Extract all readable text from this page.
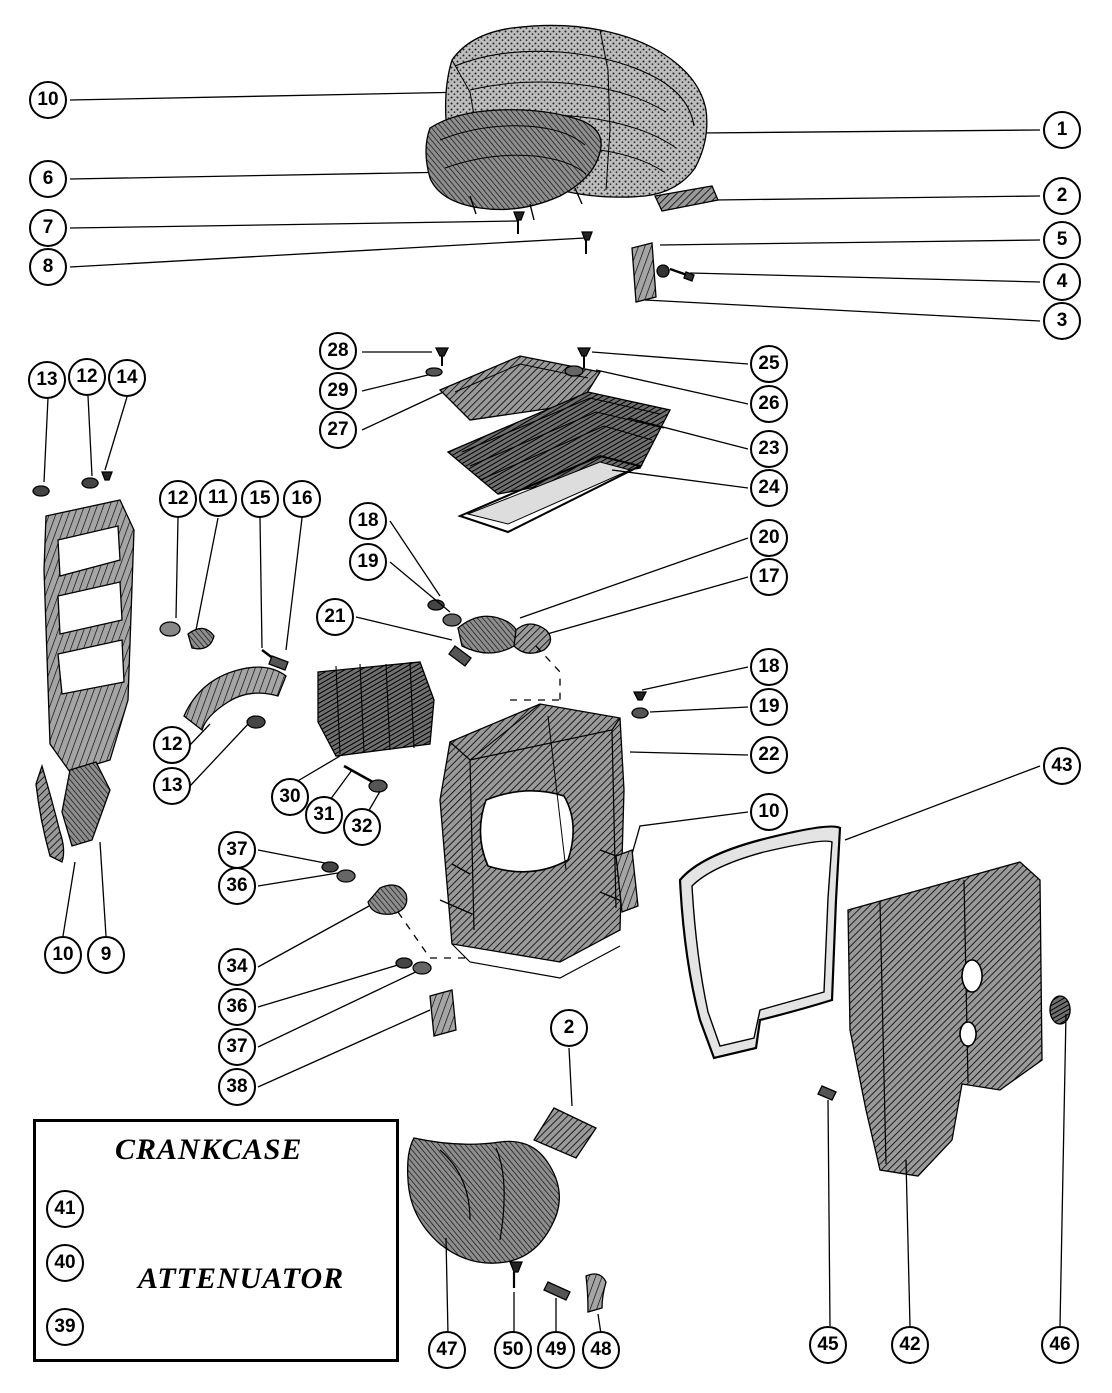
CRANKCASE
ATTENUATOR
10
1
6
2
7
5
8
4
3
28
25
13 12 14
29
26
27
23
24
12	11	15	16
18
20
19
17
21
18
19
12	22
13
43
30
31
32
10
37
36
10	9
34
36
2
37
38
41
40
39
47	50	49	48	45	42	46
